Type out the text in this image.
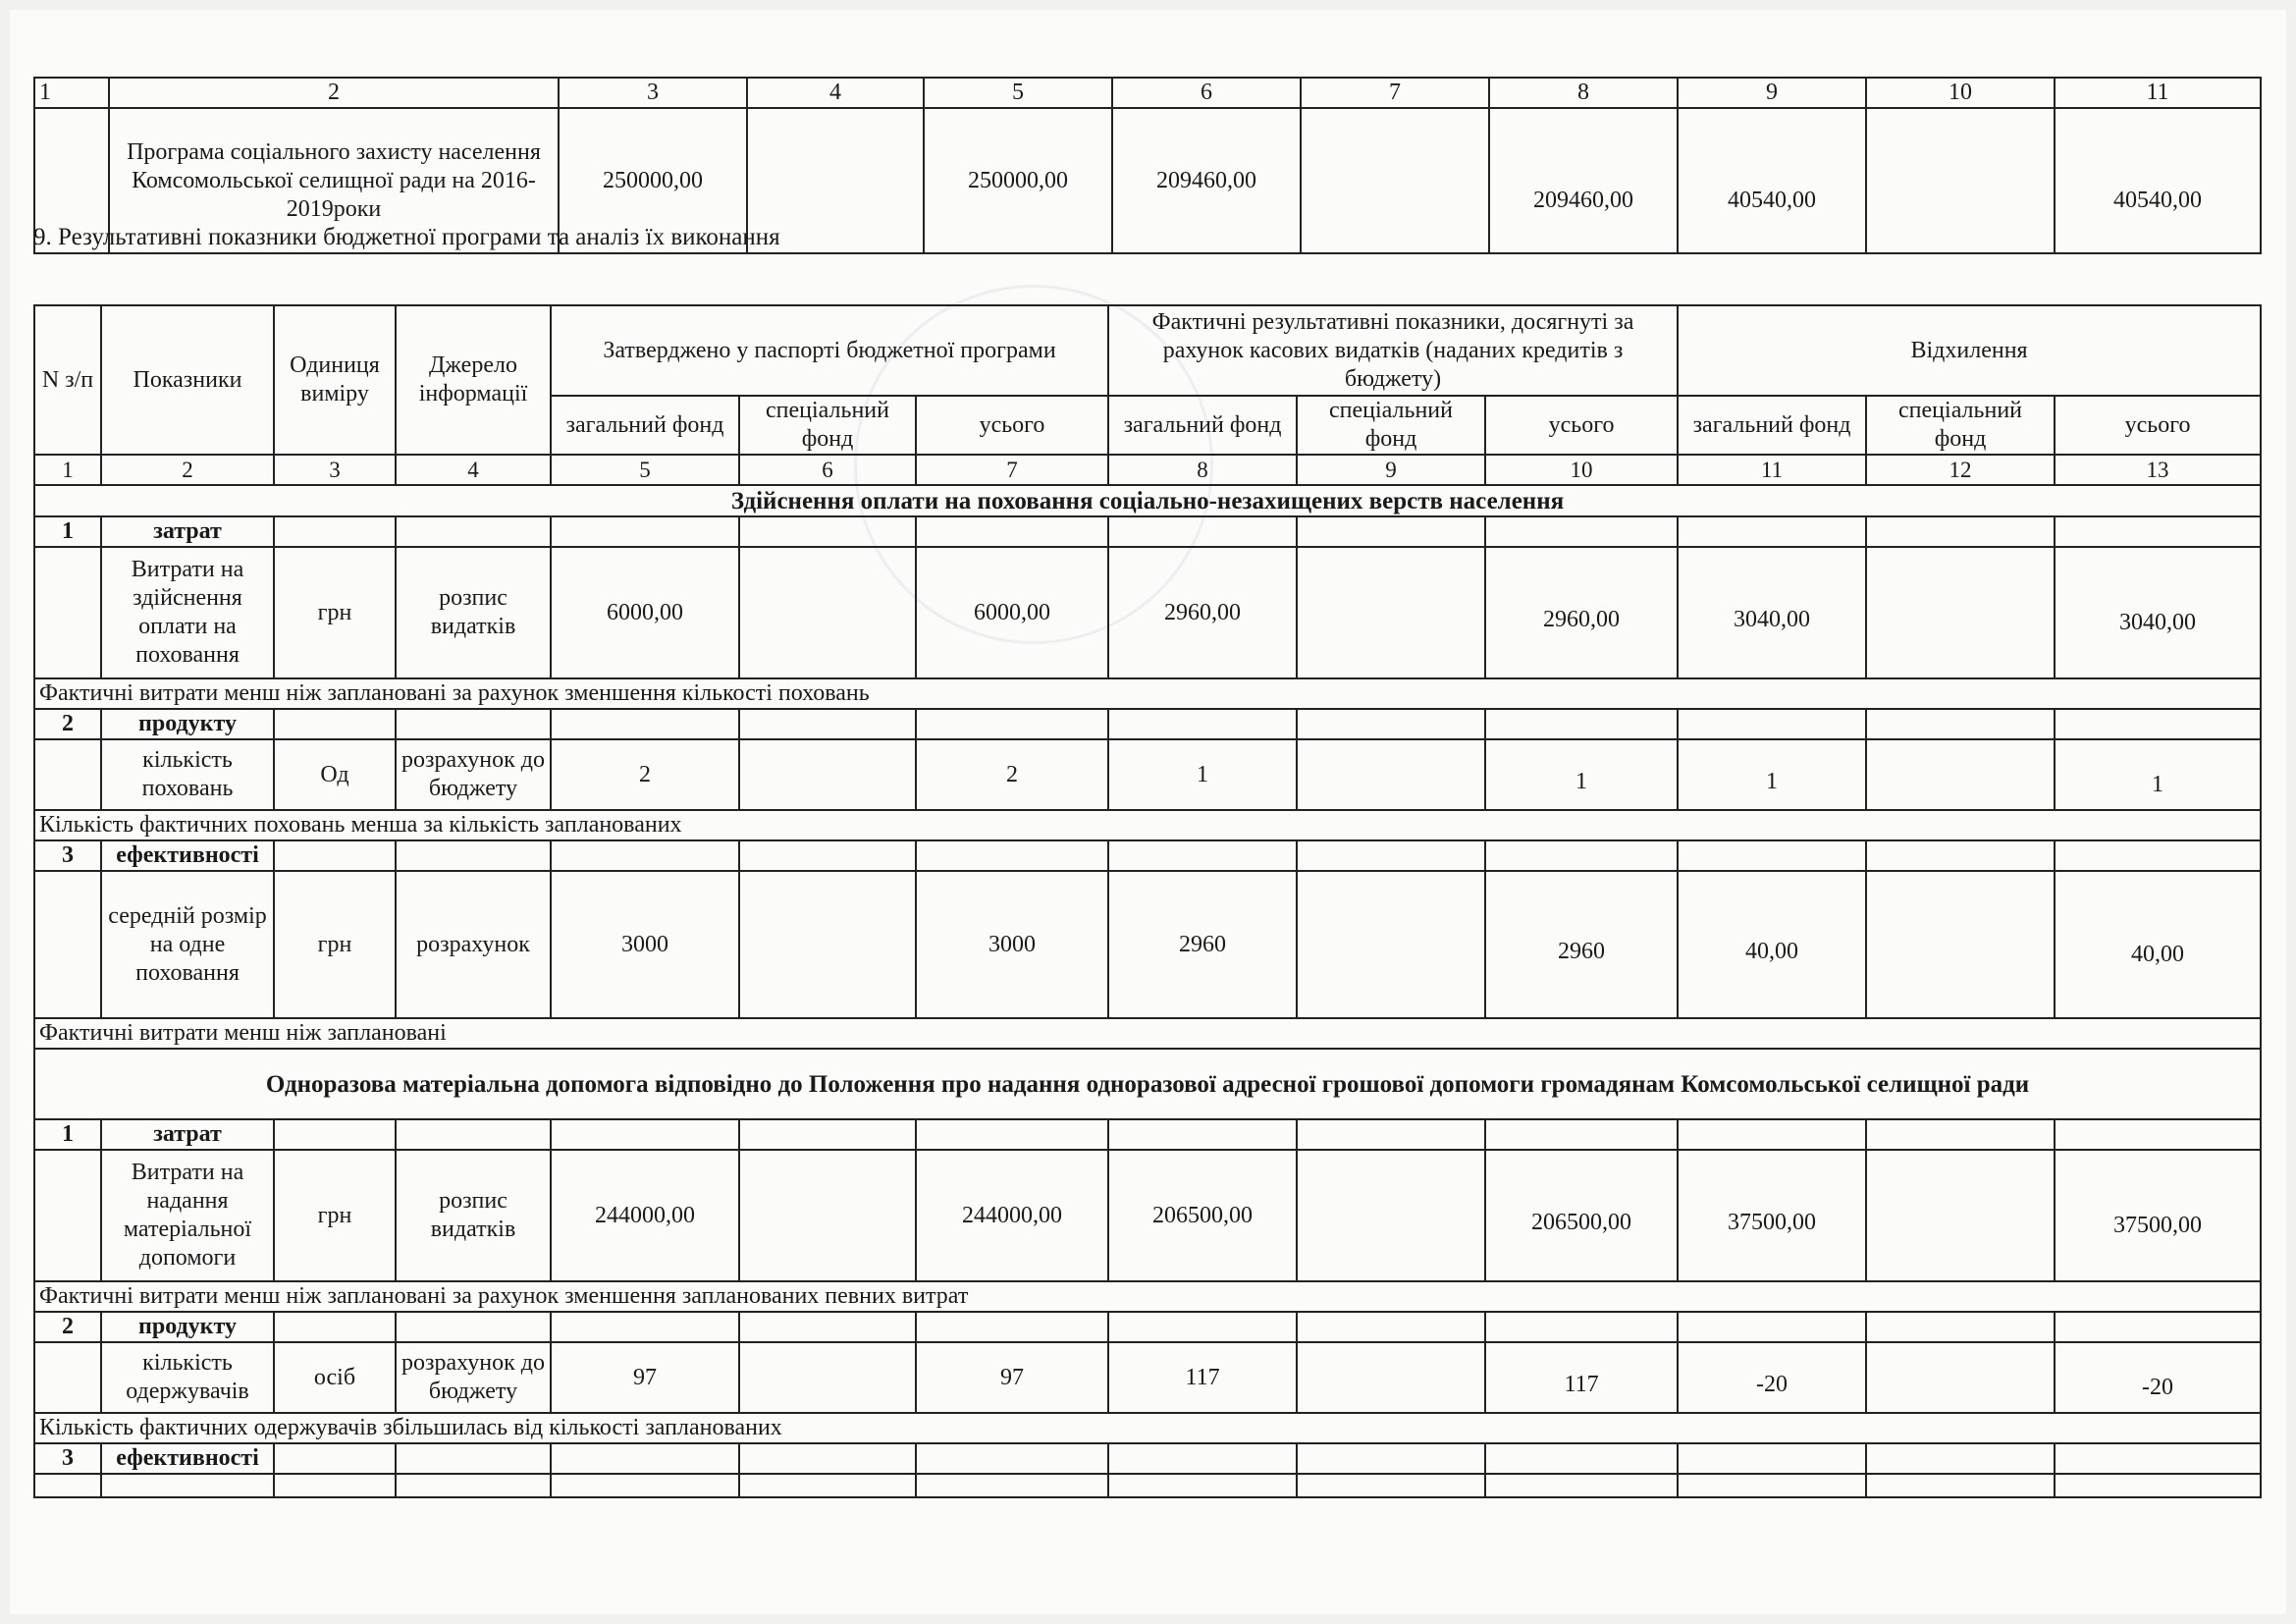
1	2	3	4	5	6	7	8	9	10	11
	Програма соціального захисту населення Комсомольської селищної ради на 2016-2019роки	250000,00		250000,00	209460,00		209460,00	40540,00		40540,00
9. Результативні показники бюджетної програми та аналіз їх виконання
N з/п	Показники	Одиниця виміру	Джерело інформації	Затверджено у паспорті бюджетної програми			Фактичні результативні показники, досягнуті за рахунок касових видатків (наданих кредитів з бюджету)			Відхилення		
				загальний фонд	спеціальний фонд	усього	загальний фонд	спеціальний фонд	усього	загальний фонд	спеціальний фонд	усього
1	2	3	4	5	6	7	8	9	10	11	12	13
Здійснення оплати на поховання соціально-незахищених верств населення												
1	затрат											
	Витрати на здійснення оплати на поховання	грн	розпис видатків	6000,00		6000,00	2960,00		2960,00	3040,00		3040,00
Фактичні витрати менш ніж заплановані за рахунок зменшення кількості поховань												
2	продукту											
	кількість поховань	Од	розрахунок до бюджету	2		2	1		1	1		1
Кількість фактичних поховань менша за кількість запланованих												
3	ефективності											
	середній розмір на одне поховання	грн	розрахунок	3000		3000	2960		2960	40,00		40,00
Фактичні витрати менш ніж заплановані												
Одноразова матеріальна допомога відповідно до Положення про надання одноразової адресної грошової допомоги громадянам Комсомольської селищної ради												
1	затрат											
	Витрати на надання матеріальної допомоги	грн	розпис видатків	244000,00		244000,00	206500,00		206500,00	37500,00		37500,00
Фактичні витрати менш ніж заплановані за рахунок зменшення запланованих певних витрат												
2	продукту											
	кількість одержувачів	осіб	розрахунок до бюджету	97		97	117		117	-20		-20
Кількість фактичних одержувачів збільшилась від кількості запланованих												
3	ефективності											
